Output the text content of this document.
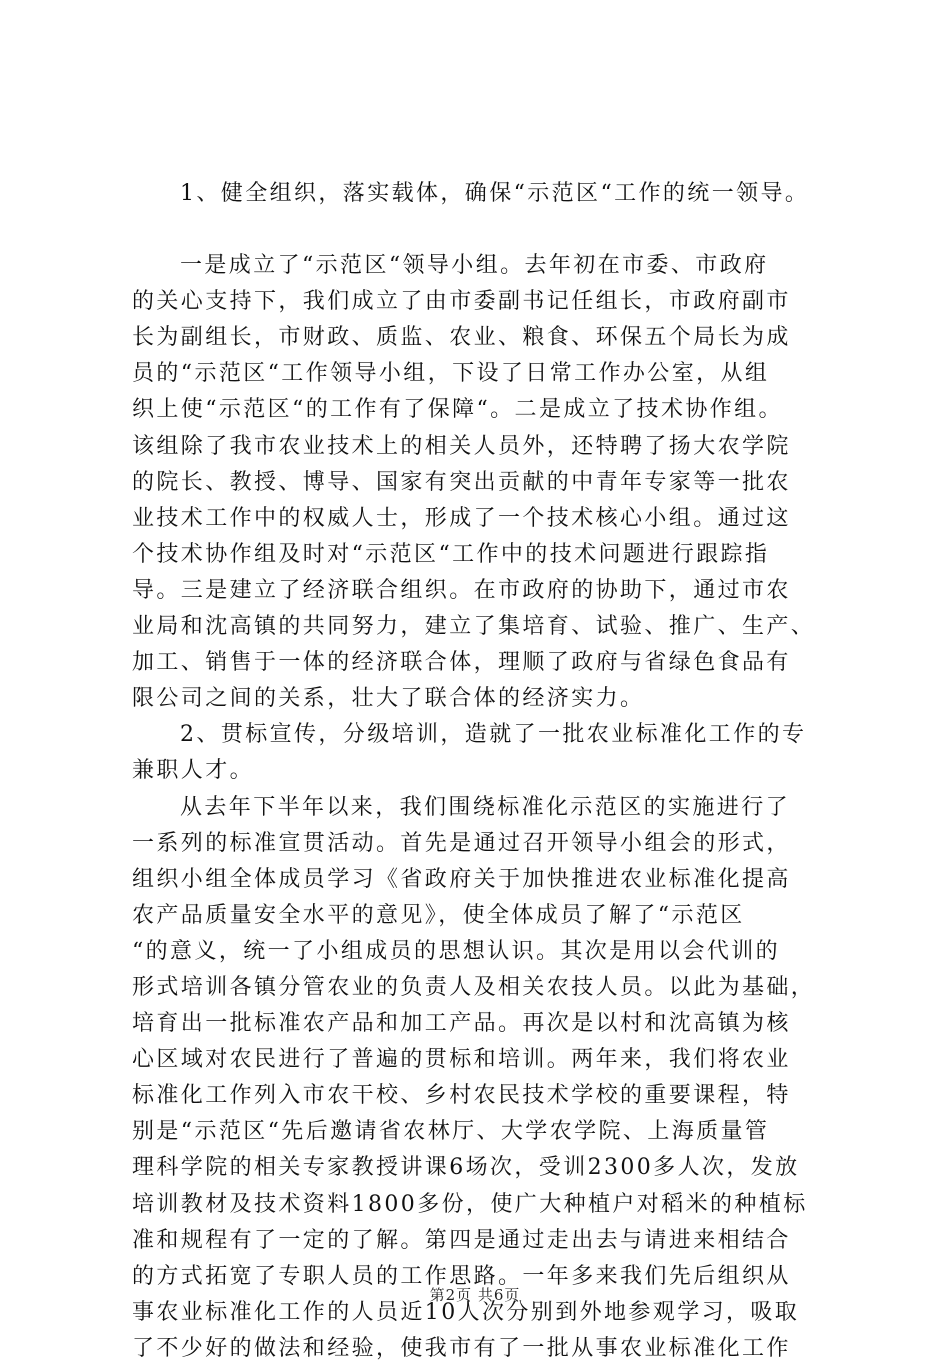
1、健全组织，落实载体，确保“示范区“工作的统一领导。
一是成立了“示范区“领导小组。去年初在市委、市政府
的关心支持下，我们成立了由市委副书记任组长，市政府副市
长为副组长，市财政、质监、农业、粮食、环保五个局长为成
员的“示范区“工作领导小组，下设了日常工作办公室，从组
织上使“示范区“的工作有了保障“。二是成立了技术协作组。
该组除了我市农业技术上的相关人员外，还特聘了扬大农学院
的院长、教授、博导、国家有突出贡献的中青年专家等一批农
业技术工作中的权威人士，形成了一个技术核心小组。通过这
个技术协作组及时对“示范区“工作中的技术问题进行跟踪指
导。三是建立了经济联合组织。在市政府的协助下，通过市农
业局和沈高镇的共同努力，建立了集培育、试验、推广、生产、
加工、销售于一体的经济联合体，理顺了政府与省绿色食品有
限公司之间的关系，壮大了联合体的经济实力。
2、贯标宣传，分级培训，造就了一批农业标准化工作的专
兼职人才。
从去年下半年以来，我们围绕标准化示范区的实施进行了
一系列的标准宣贯活动。首先是通过召开领导小组会的形式，
组织小组全体成员学习《省政府关于加快推进农业标准化提高
农产品质量安全水平的意见》，使全体成员了解了“示范区
“的意义，统一了小组成员的思想认识。其次是用以会代训的
形式培训各镇分管农业的负责人及相关农技人员。以此为基础，
培育出一批标准农产品和加工产品。再次是以村和沈高镇为核
心区域对农民进行了普遍的贯标和培训。两年来，我们将农业
标准化工作列入市农干校、乡村农民技术学校的重要课程，特
别是“示范区“先后邀请省农林厅、大学农学院、上海质量管
理科学院的相关专家教授讲课6场次，受训2300多人次，发放
培训教材及技术资料1800多份，使广大种植户对稻米的种植标
准和规程有了一定的了解。第四是通过走出去与请进来相结合
的方式拓宽了专职人员的工作思路。一年多来我们先后组织从
事农业标准化工作的人员近10人次分别到外地参观学习，吸取
了不少好的做法和经验，使我市有了一批从事农业标准化工作
第2页 共6页
